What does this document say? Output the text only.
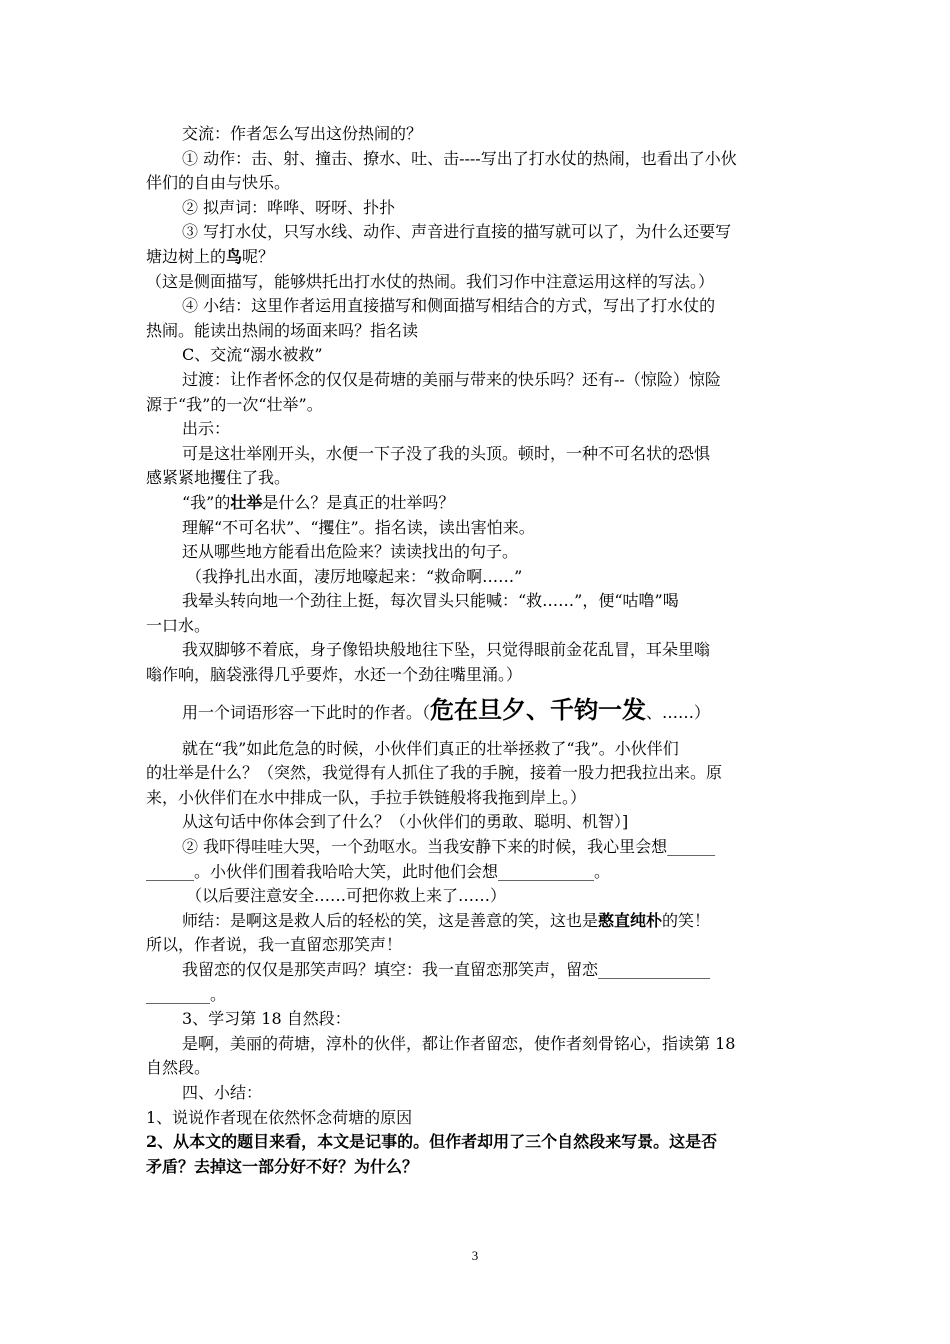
交流：作者怎么写出这份热闹的？

① 动作：击、射、撞击、撩水、吐、击----写出了打水仗的热闹，也看出了小伙

伴们的自由与快乐。

② 拟声词：哗哗、呀呀、扑扑

③ 写打水仗，只写水线、动作、声音进行直接的描写就可以了，为什么还要写

塘边树上的鸟呢？

（这是侧面描写，能够烘托出打水仗的热闹。我们习作中注意运用这样的写法。）

④ 小结：这里作者运用直接描写和侧面描写相结合的方式，写出了打水仗的

热闹。能读出热闹的场面来吗？指名读

C、交流“溺水被救”

过渡：让作者怀念的仅仅是荷塘的美丽与带来的快乐吗？还有--（惊险）惊险

源于“我”的一次“壮举”。

出示：

可是这壮举刚开头，水便一下子没了我的头顶。顿时，一种不可名状的恐惧

感紧紧地攫住了我。

“我”的壮举是什么？是真正的壮举吗？

理解“不可名状”、“攫住”。指名读，读出害怕来。

还从哪些地方能看出危险来？读读找出的句子。

（我挣扎出水面，凄厉地嚎起来：“救命啊……”

我晕头转向地一个劲往上挺，每次冒头只能喊：“救……”，便“咕噜”喝

一口水。

我双脚够不着底，身子像铅块般地往下坠，只觉得眼前金花乱冒，耳朵里嗡

嗡作响，脑袋涨得几乎要炸，水还一个劲往嘴里涌。）

用一个词语形容一下此时的作者。（危在旦夕、千钧一发、……）

就在“我”如此危急的时候，小伙伴们真正的壮举拯救了“我”。小伙伴们

的壮举是什么？（突然，我觉得有人抓住了我的手腕，接着一股力把我拉出来。原

来，小伙伴们在水中排成一队，手拉手铁链般将我拖到岸上。）

从这句话中你体会到了什么？（小伙伴们的勇敢、聪明、机智）]

② 我吓得哇哇大哭，一个劲呕水。当我安静下来的时候，我心里会想______

______。小伙伴们围着我哈哈大笑，此时他们会想____________。

（以后要注意安全……可把你救上来了……）

师结：是啊这是救人后的轻松的笑，这是善意的笑，这也是憨直纯朴的笑！

所以，作者说，我一直留恋那笑声！

我留恋的仅仅是那笑声吗？填空：我一直留恋那笑声，留恋______________

________。

3、学习第 18 自然段：

是啊，美丽的荷塘，淳朴的伙伴，都让作者留恋，使作者刻骨铭心，指读第 18

自然段。

四、小结：

1、说说作者现在依然怀念荷塘的原因

2、从本文的题目来看，本文是记事的。但作者却用了三个自然段来写景。这是否

矛盾？去掉这一部分好不好？为什么？

3
